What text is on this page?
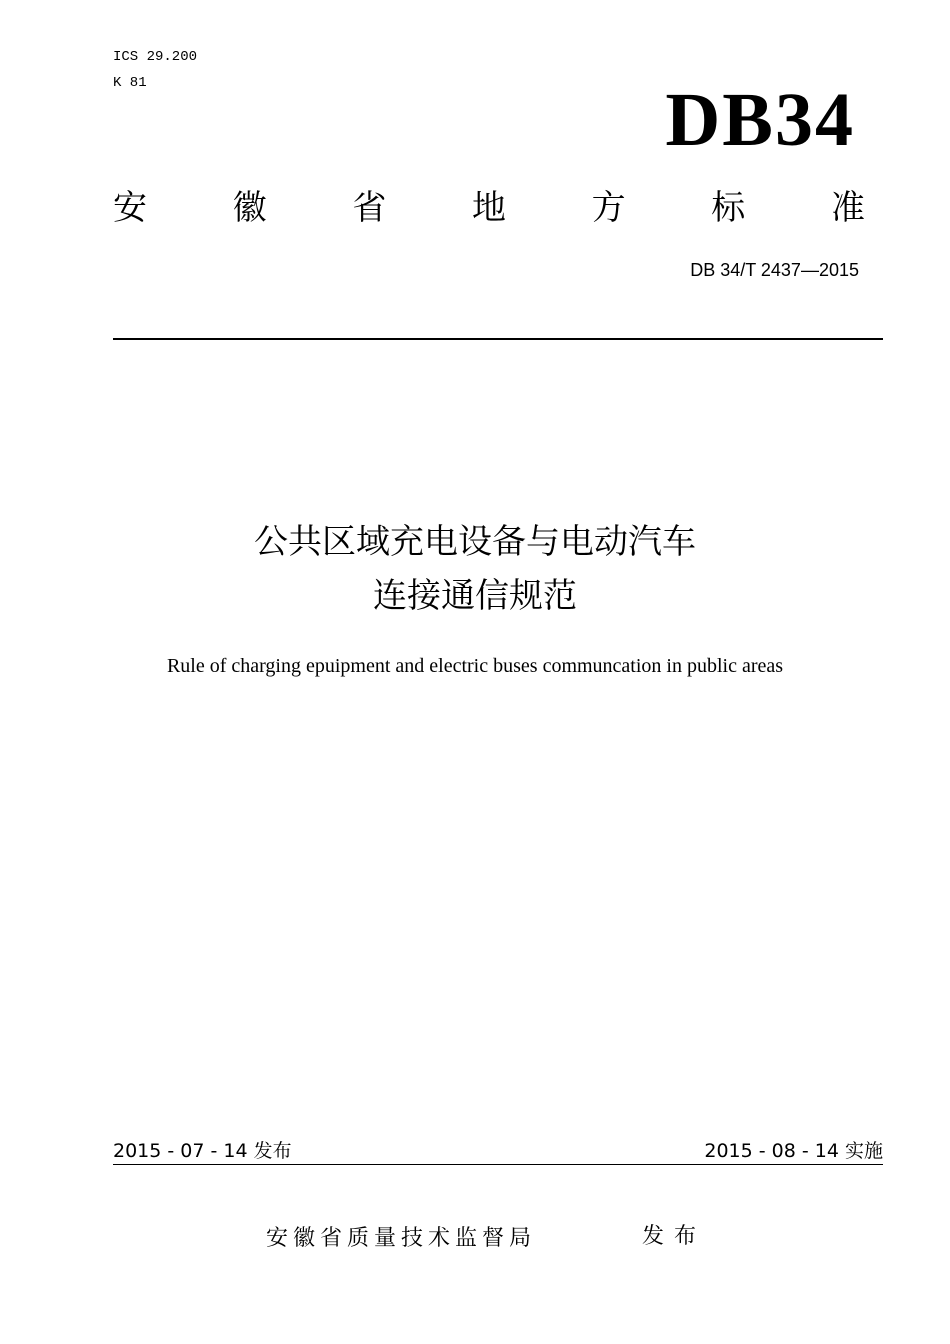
ICS 29.200
K 81	DB34
安	徽	省	地	方	标	准
DB 34/T 2437—2015
公共区域充电设备与电动汽车
连接通信规范
Rule of charging epuipment and electric buses communcation in public areas
2015 - 07 - 14 发布	2015 - 08 - 14 实施
安徽省质量技术监督局	发布
